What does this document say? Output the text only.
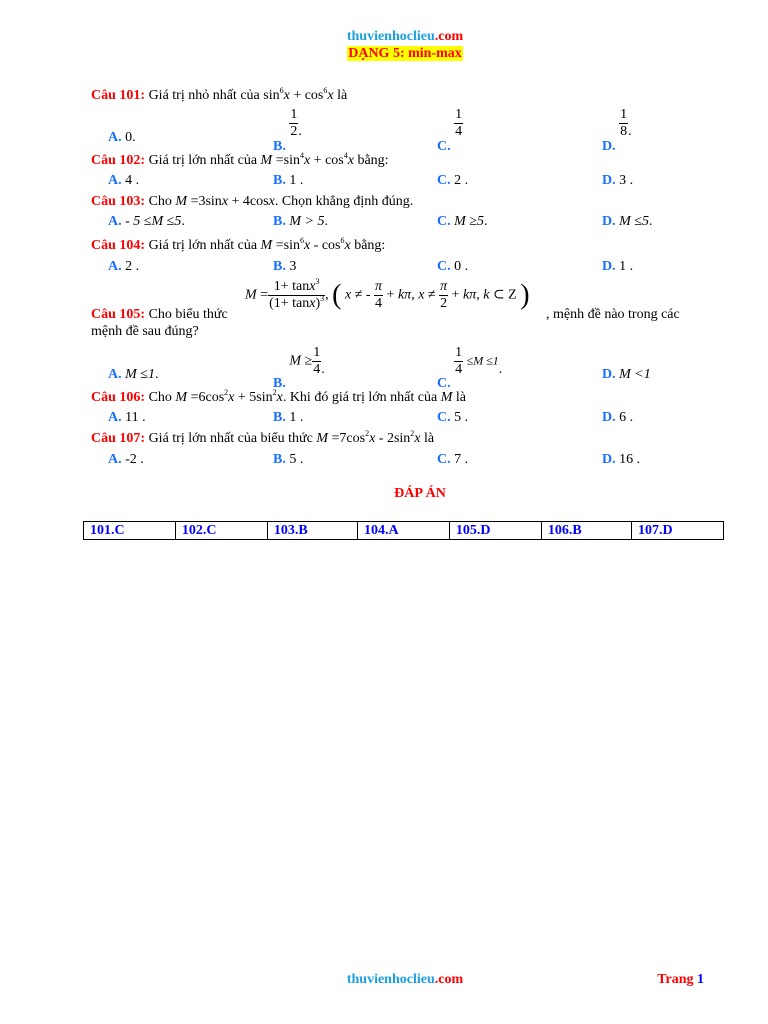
thuvienhoclieu.com
DẠNG 5: min-max
Câu 101: Giá trị nhỏ nhất của $\sin^6x + \cos^6x$ là
A. 0.
B.
$\frac{1}{2}$ .
C.
$\frac{1}{4}$
D.
$\frac{1}{8}$ .
Câu 102: Giá trị lớn nhất của $M =\sin^4x + \cos^4x$ bằng:
A. 4 .	B. 1 .	C. 2 .	D. 3 .
Câu 103: Cho M =3sinx + 4cosx. Chọn khẳng định đúng.
A. - 5 ≤M ≤5.	B. M > 5.	C. M ≥5.	D. M ≤5.
Câu 104: Giá trị lớn nhất của $M =\sin^6x - \cos^6x$ bằng:
A. 2 .	B. 3	C. 0 .	D. 1 .
$M = \frac{1+ \tan x^3}{(1+ \tan x)^3}$ , ( x ≠ - $\frac{\pi}{4} + k\pi$, $x \ne \frac{\pi}{2} + k\pi$, k ⊂ Z )
Câu 105: Cho biểu thức	, mệnh đề nào trong các
mệnh đề sau đúng?
A. M ≤1.
B. $M \ge \frac{1}{4}$ .
C.
$\frac{1}{4} \le M \le 1$.	D. M <1
Câu 106: Cho $M =6\cos^2x + 5\sin^2x$. Khi đó giá trị lớn nhất của M là
A. 11 .	B. 1 .	C. 5 .	D. 6 .
Câu 107: Giá trị lớn nhất của biểu thức $M =7\cos^2x - 2\sin^2x$ là
A. -2 .	B. 5 .	C. 7 .	D. 16 .
ĐÁP ÁN
101.C	102.C	103.B	104.A	105.D	106.B	107.D
thuvienhoclieu.com	Trang 1
